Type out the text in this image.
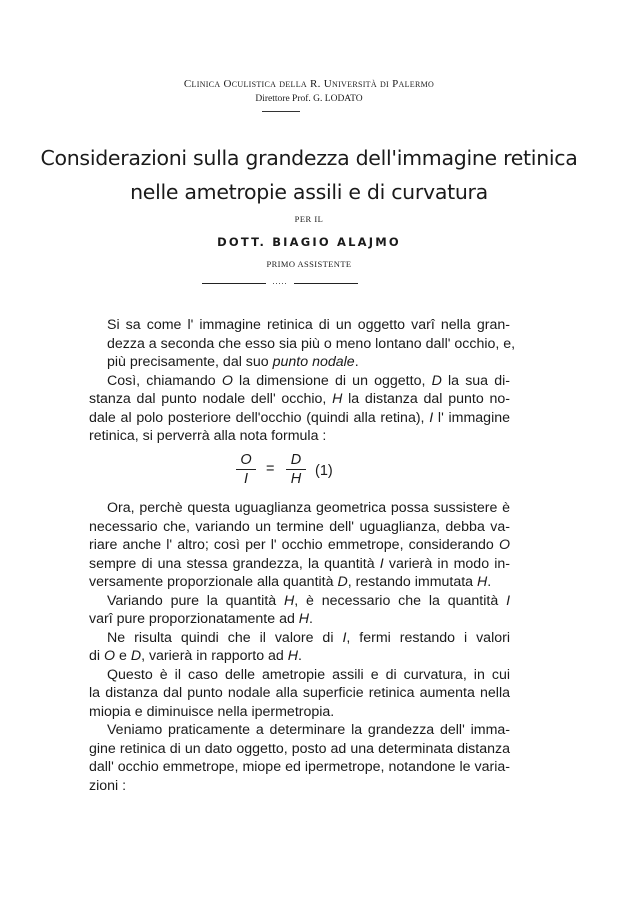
Clinica Oculistica della R. Università di Palermo
Direttore Prof. G. LODATO
Considerazioni sulla grandezza dell'immagine retinica
nelle ametropie assili e di curvatura
PER IL
DOTT. BIAGIO ALAJMO
PRIMO ASSISTENTE
.....

Si sa come l' immagine retinica di un oggetto varî nella gran-
dezza a seconda che esso sia più o meno lontano dall' occhio, e,
più precisamente, dal suo punto nodale.

Così, chiamando O la dimensione di un oggetto, D la sua di-
stanza dal punto nodale dell' occhio, H la distanza dal punto no-
dale al polo posteriore dell'occhio (quindi alla retina), I l' immagine
retinica, si perverrà alla nota formula :

O
I
=
D
H (1)

Ora, perchè questa uguaglianza geometrica possa sussistere è
necessario che, variando un termine dell' uguaglianza, debba va-
riare anche l' altro; così per l' occhio emmetrope, considerando O
sempre di una stessa grandezza, la quantità I varierà in modo in-
versamente proporzionale alla quantità D, restando immutata H.

Variando pure la quantità H, è necessario che la quantità I
varî pure proporzionatamente ad H.

Ne risulta quindi che il valore di I, fermi restando i valori
di O e D, varierà in rapporto ad H.

Questo è il caso delle ametropie assili e di curvatura, in cui
la distanza dal punto nodale alla superficie retinica aumenta nella
miopia e diminuisce nella ipermetropia.

Veniamo praticamente a determinare la grandezza dell' imma-
gine retinica di un dato oggetto, posto ad una determinata distanza
dall' occhio emmetrope, miope ed ipermetrope, notandone le varia-
zioni :
